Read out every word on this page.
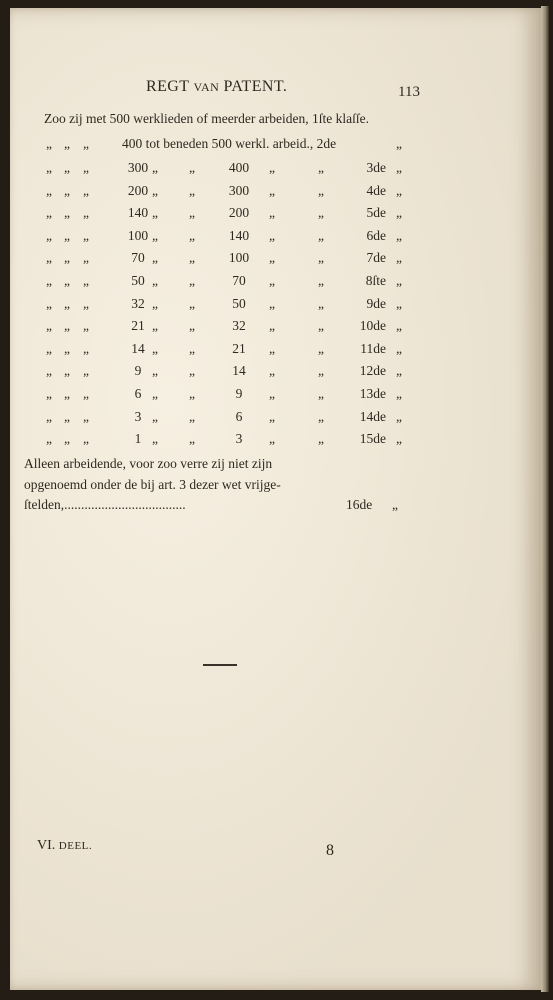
REGT VAN PATENT.	113
Zoo zij met 500 werklieden of meerder arbeiden, 1ſte klaſſe.
„ „ „ 400 tot beneden 500 werkl. arbeid., 2de	„
„ „ „	300 „ „	400	„	„	3de „
„ „ „	200 „ „	300	„	„	4de „
„ „ „	140 „ „	200	„	„	5de „
„ „ „	100 „ „	140	„	„	6de „
„ „ „	70 „ „	100	„	„	7de „
„ „ „	50 „ „	70	„	„	8ſte „
„ „ „	32 „ „	50	„	„	9de „
„ „ „	21 „ „	32	„	„	10de „
„ „ „	14 „ „	21	„	„	11de „
„ „ „	9 „ „	14	„	„	12de „
„ „ „	6 „ „	9	„	„	13de „
„ „ „	3 „ „	6	„	„	14de „
„ „ „	1 „ „	3	„	„	15de „
Alleen arbeidende, voor zoo verre zij niet zijn
opgenoemd onder de bij art. 3 dezer wet vrijge-
ſtelden,....................................	16de „
VI. DEEL.	8
